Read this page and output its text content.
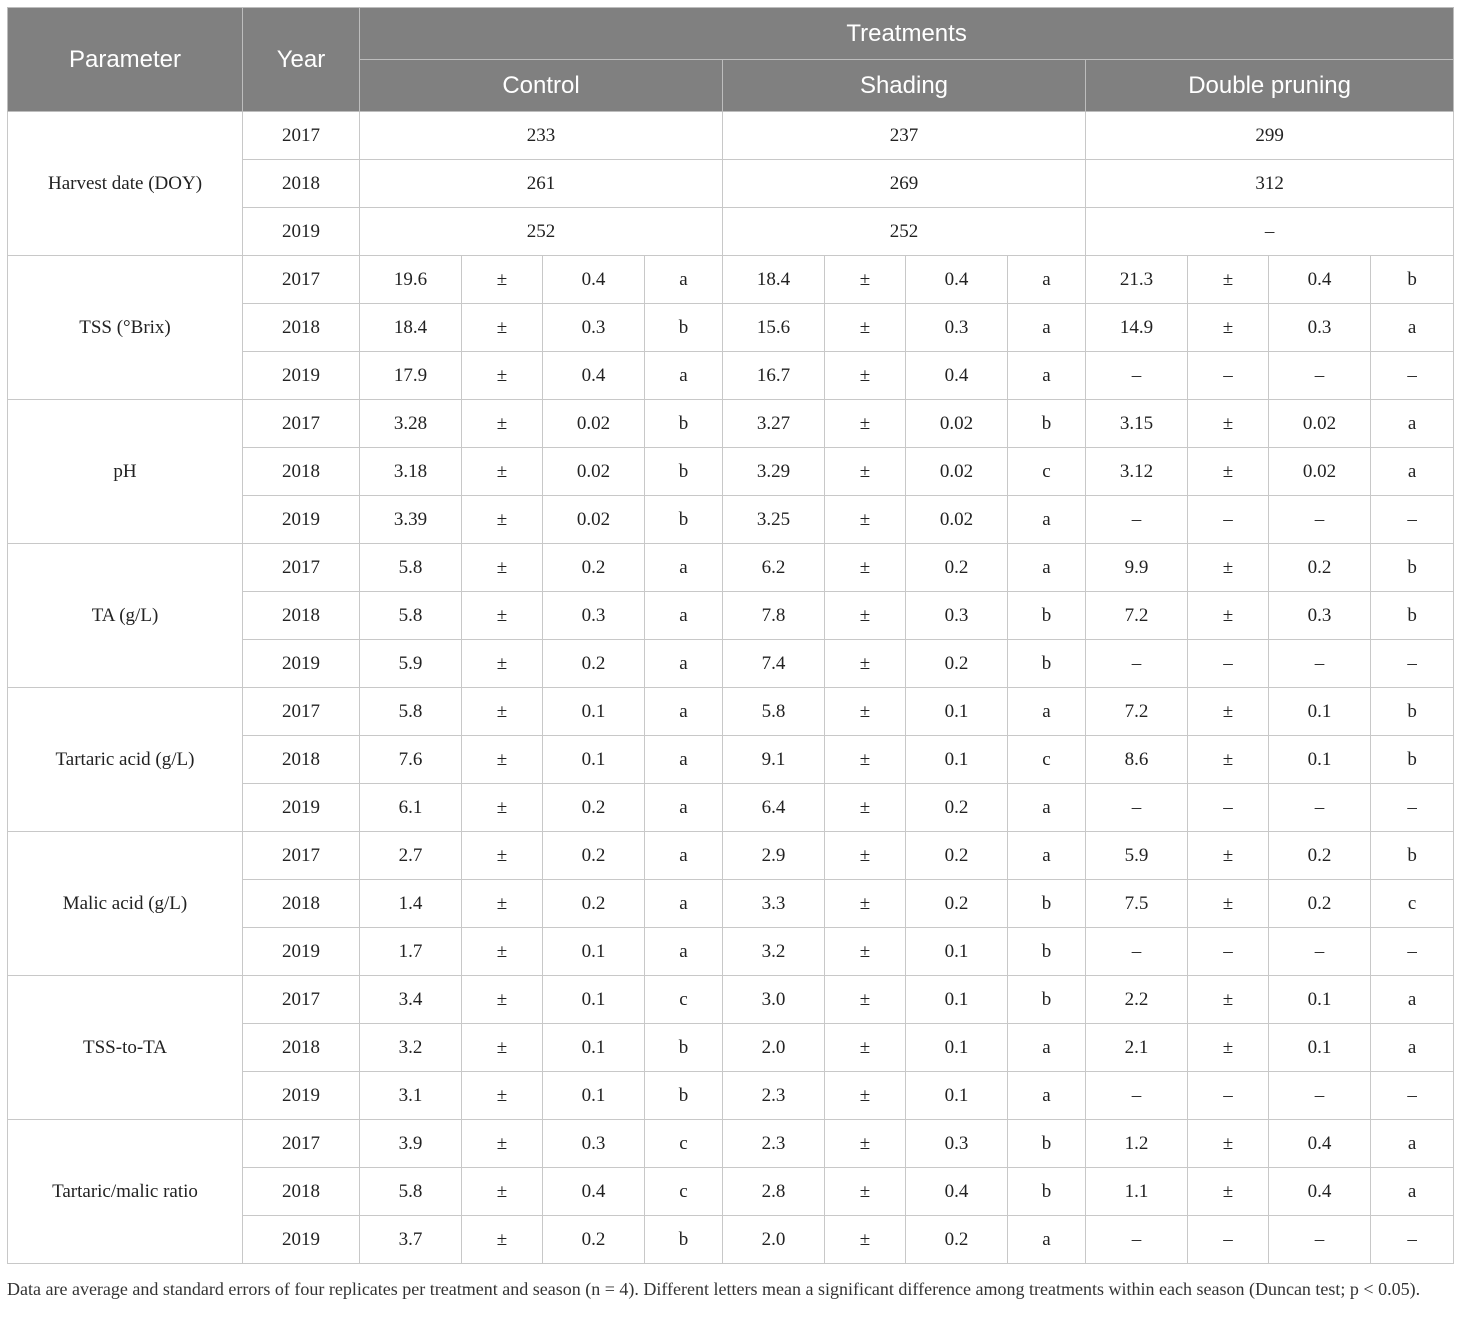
Parameter	Year	Treatments											
		Control				Shading				Double pruning			
Harvest date (DOY)	2017	233				237				299			
	2018	261				269				312			
	2019	252				252				–			
TSS (°Brix)	2017	19.6	±	0.4	a	18.4	±	0.4	a	21.3	±	0.4	b
	2018	18.4	±	0.3	b	15.6	±	0.3	a	14.9	±	0.3	a
	2019	17.9	±	0.4	a	16.7	±	0.4	a	–	–	–	–
pH	2017	3.28	±	0.02	b	3.27	±	0.02	b	3.15	±	0.02	a
	2018	3.18	±	0.02	b	3.29	±	0.02	c	3.12	±	0.02	a
	2019	3.39	±	0.02	b	3.25	±	0.02	a	–	–	–	–
TA (g/L)	2017	5.8	±	0.2	a	6.2	±	0.2	a	9.9	±	0.2	b
	2018	5.8	±	0.3	a	7.8	±	0.3	b	7.2	±	0.3	b
	2019	5.9	±	0.2	a	7.4	±	0.2	b	–	–	–	–
Tartaric acid (g/L)	2017	5.8	±	0.1	a	5.8	±	0.1	a	7.2	±	0.1	b
	2018	7.6	±	0.1	a	9.1	±	0.1	c	8.6	±	0.1	b
	2019	6.1	±	0.2	a	6.4	±	0.2	a	–	–	–	–
Malic acid (g/L)	2017	2.7	±	0.2	a	2.9	±	0.2	a	5.9	±	0.2	b
	2018	1.4	±	0.2	a	3.3	±	0.2	b	7.5	±	0.2	c
	2019	1.7	±	0.1	a	3.2	±	0.1	b	–	–	–	–
TSS-to-TA	2017	3.4	±	0.1	c	3.0	±	0.1	b	2.2	±	0.1	a
	2018	3.2	±	0.1	b	2.0	±	0.1	a	2.1	±	0.1	a
	2019	3.1	±	0.1	b	2.3	±	0.1	a	–	–	–	–
Tartaric/malic ratio	2017	3.9	±	0.3	c	2.3	±	0.3	b	1.2	±	0.4	a
	2018	5.8	±	0.4	c	2.8	±	0.4	b	1.1	±	0.4	a
	2019	3.7	±	0.2	b	2.0	±	0.2	a	–	–	–	–
Data are average and standard errors of four replicates per treatment and season (n = 4). Different letters mean a significant difference among treatments within each season (Duncan test; p < 0.05).
